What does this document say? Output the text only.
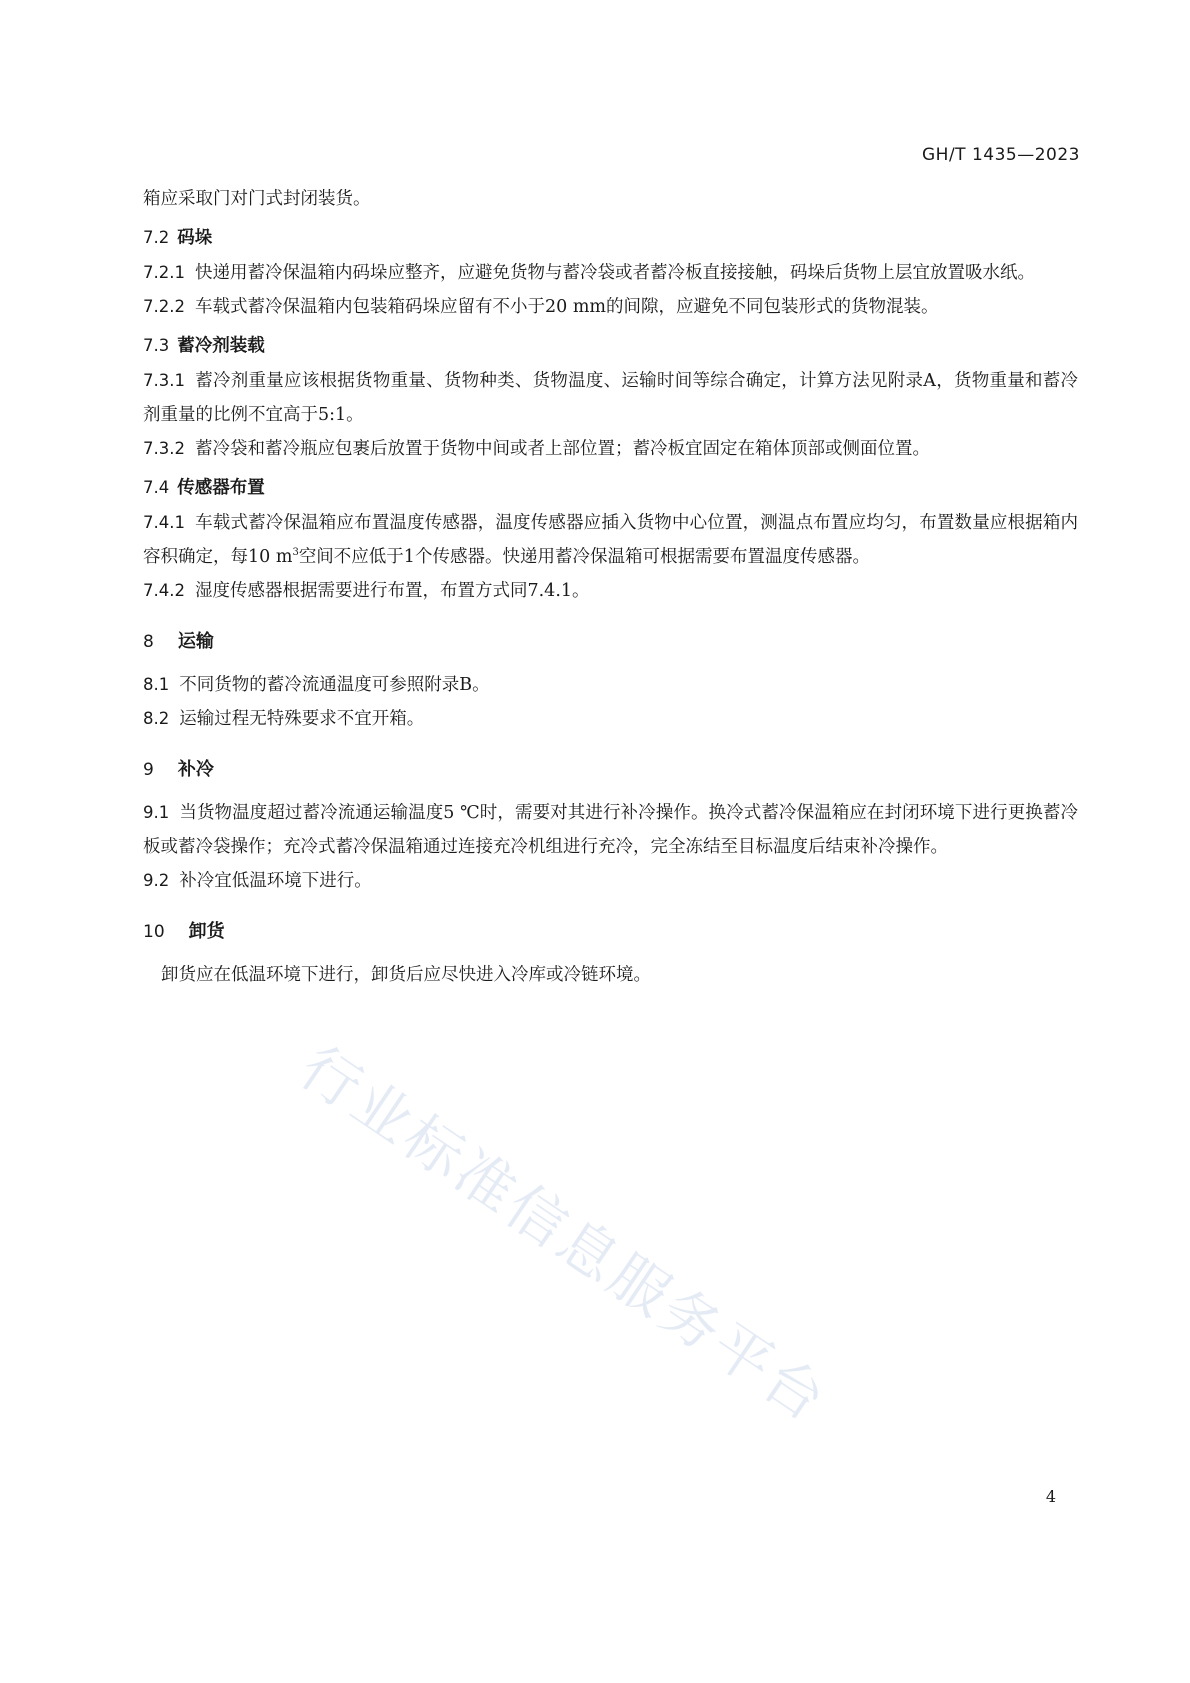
GH/T 1435—2023

箱应采取门对门式封闭装货。

7.2 码垛

7.2.1 快递用蓄冷保温箱内码垛应整齐，应避免货物与蓄冷袋或者蓄冷板直接接触，码垛后货物上层宜放置吸水纸。

7.2.2 车载式蓄冷保温箱内包装箱码垛应留有不小于20 mm的间隙，应避免不同包装形式的货物混装。

7.3 蓄冷剂装载

7.3.1 蓄冷剂重量应该根据货物重量、货物种类、货物温度、运输时间等综合确定，计算方法见附录A，货物重量和蓄冷剂重量的比例不宜高于5:1。

7.3.2 蓄冷袋和蓄冷瓶应包裹后放置于货物中间或者上部位置；蓄冷板宜固定在箱体顶部或侧面位置。

7.4 传感器布置

7.4.1 车载式蓄冷保温箱应布置温度传感器，温度传感器应插入货物中心位置，测温点布置应均匀，布置数量应根据箱内容积确定，每10 $m^3$空间不应低于1个传感器。快递用蓄冷保温箱可根据需要布置温度传感器。

7.4.2 湿度传感器根据需要进行布置，布置方式同7.4.1。

8 运输

8.1 不同货物的蓄冷流通温度可参照附录B。

8.2 运输过程无特殊要求不宜开箱。

9 补冷

9.1 当货物温度超过蓄冷流通运输温度5 ℃时，需要对其进行补冷操作。换冷式蓄冷保温箱应在封闭环境下进行更换蓄冷板或蓄冷袋操作；充冷式蓄冷保温箱通过连接充冷机组进行充冷，完全冻结至目标温度后结束补冷操作。

9.2 补冷宜低温环境下进行。

10 卸货

卸货应在低温环境下进行，卸货后应尽快进入冷库或冷链环境。

行业标准信息服务平台
4
